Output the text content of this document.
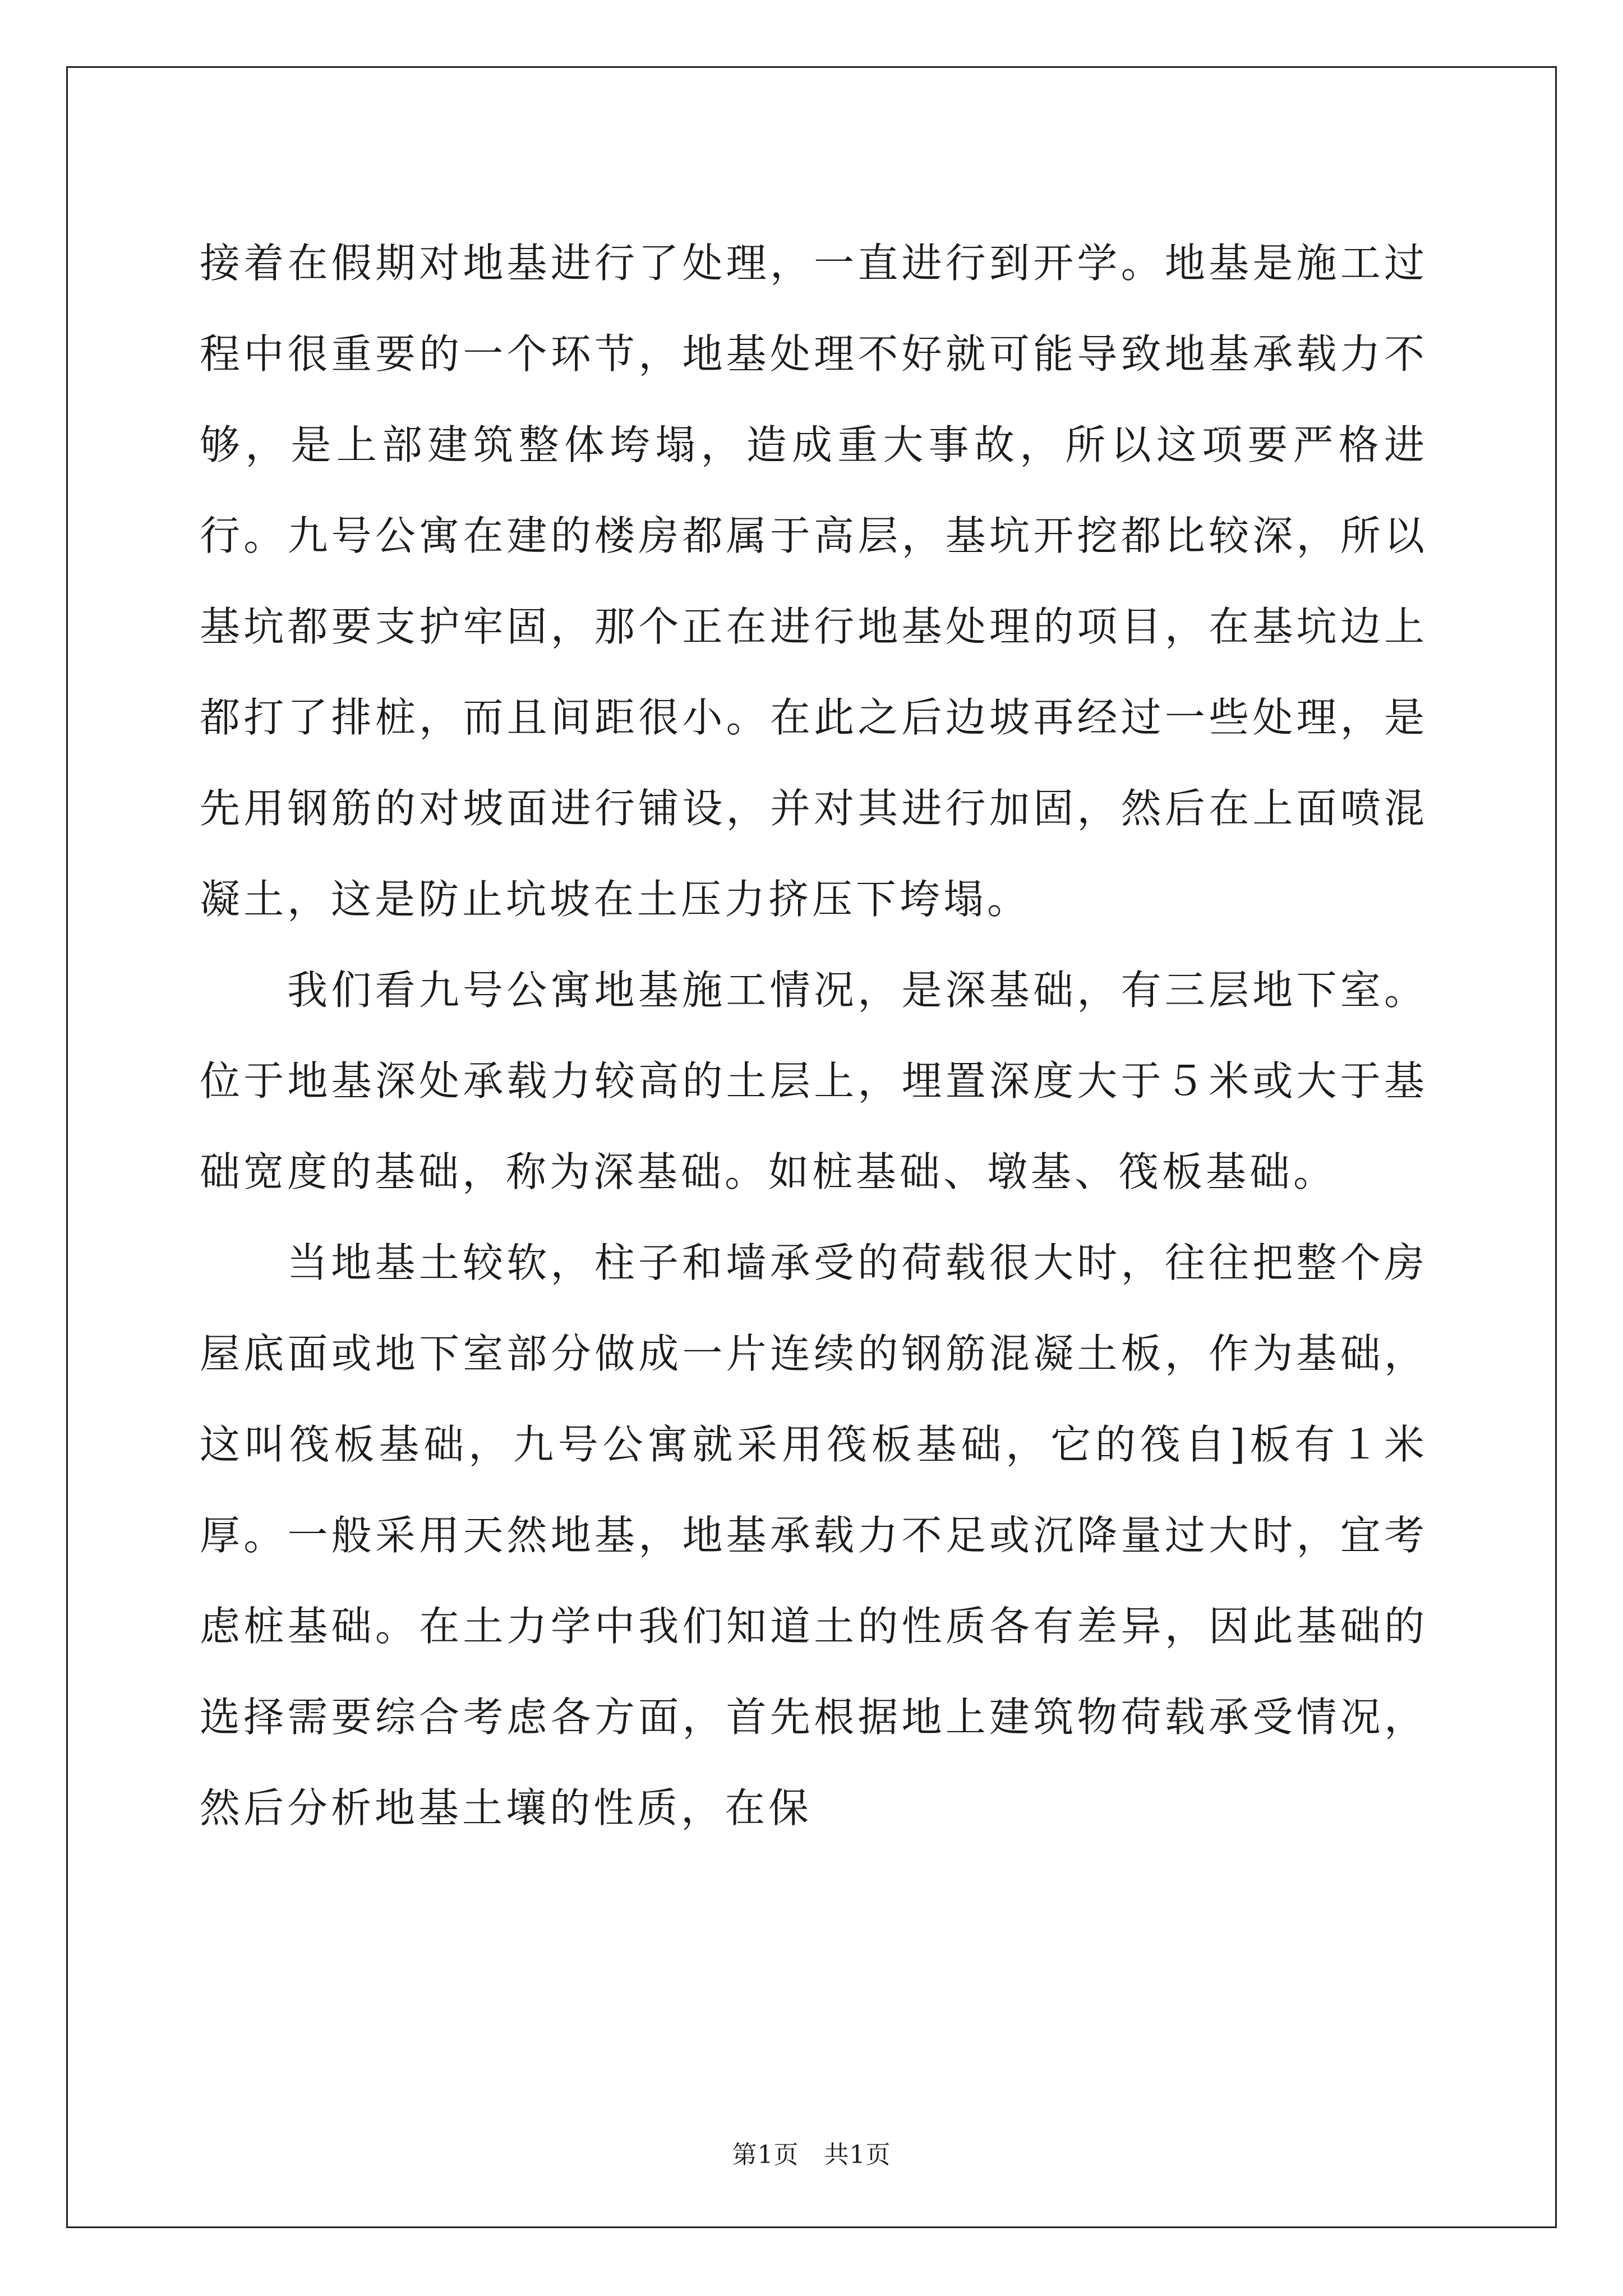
接着在假期对地基进行了处理，一直进行到开学。地基是施工过程中很重要的一个环节，地基处理不好就可能导致地基承载力不够，是上部建筑整体垮塌，造成重大事故，所以这项要严格进行。九号公寓在建的楼房都属于高层，基坑开挖都比较深，所以基坑都要支护牢固，那个正在进行地基处理的项目，在基坑边上都打了排桩，而且间距很小。在此之后边坡再经过一些处理，是先用钢筋的对坡面进行铺设，并对其进行加固，然后在上面喷混凝土，这是防止坑坡在土压力挤压下垮塌。

我们看九号公寓地基施工情况，是深基础，有三层地下室。位于地基深处承载力较高的土层上，埋置深度大于５米或大于基础宽度的基础，称为深基础。如桩基础、墩基、筏板基础。

当地基土较软，柱子和墙承受的荷载很大时，往往把整个房屋底面或地下室部分做成一片连续的钢筋混凝土板，作为基础，这叫筏板基础，九号公寓就采用筏板基础，它的筏自]板有１米厚。一般采用天然地基，地基承载力不足或沉降量过大时，宜考虑桩基础。在土力学中我们知道土的性质各有差异，因此基础的选择需要综合考虑各方面，首先根据地上建筑物荷载承受情况，然后分析地基土壤的性质，在保

第1页 共1页
